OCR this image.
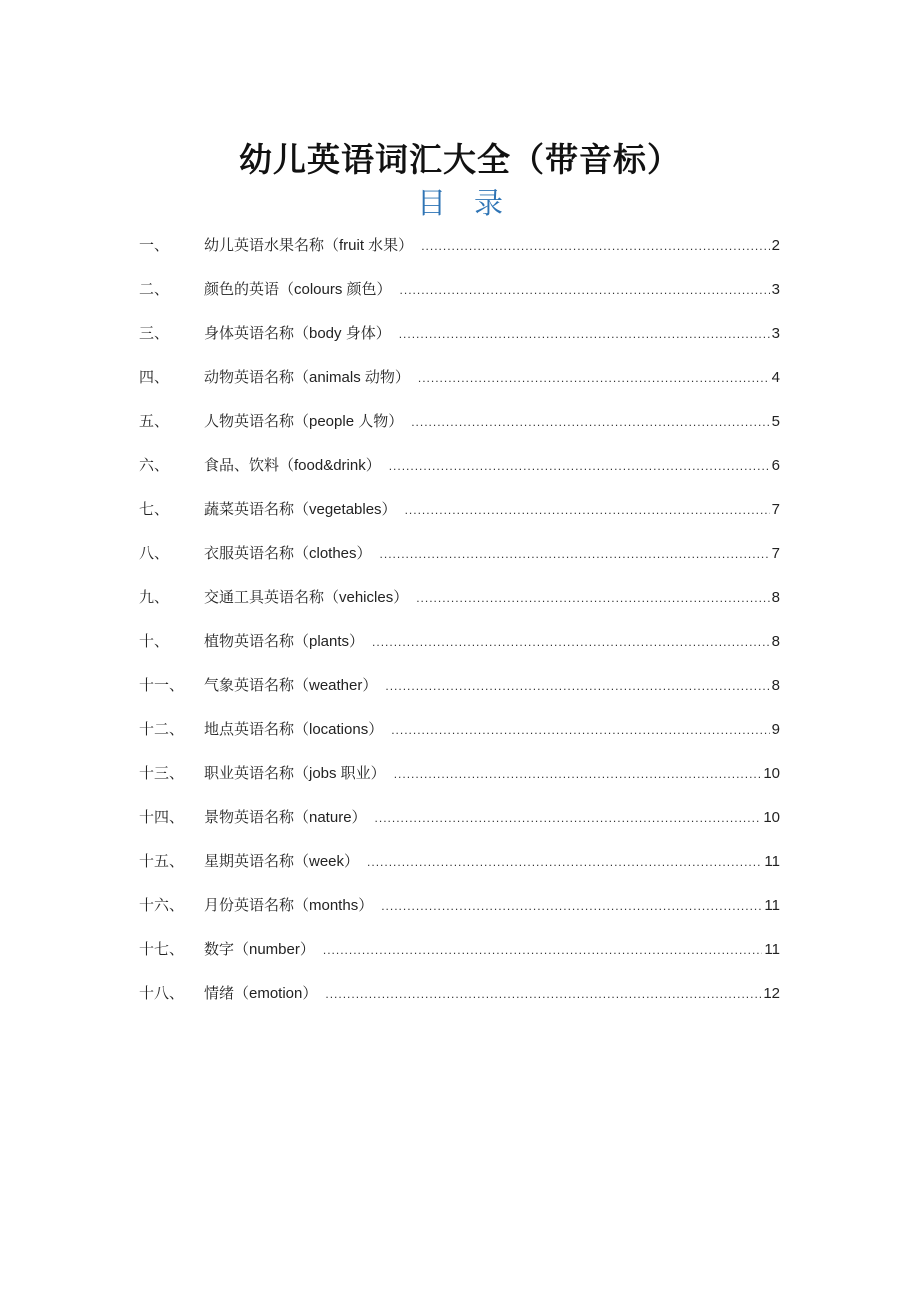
幼儿英语词汇大全（带音标）
目录
一、	幼儿英语水果名称（fruit 水果） .....	2
二、	颜色的英语（colours 颜色） .....	3
三、	身体英语名称（body 身体） .....	3
四、	动物英语名称（animals 动物） .....	4
五、	人物英语名称（people 人物） .....	5
六、	食品、饮料（food&drink） .....	6
七、	蔬菜英语名称（vegetables） .....	7
八、	衣服英语名称（clothes） .....	7
九、	交通工具英语名称（vehicles） .....	8
十、	植物英语名称（plants） .....	8
十一、	气象英语名称（weather） .....	8
十二、	地点英语名称（locations） .....	9
十三、	职业英语名称（jobs 职业） .....	10
十四、	景物英语名称（nature） .....	10
十五、	星期英语名称（week） .....	11
十六、	月份英语名称（months） .....	11
十七、	数字（number） .....	11
十八、	情绪（emotion） .....	12
